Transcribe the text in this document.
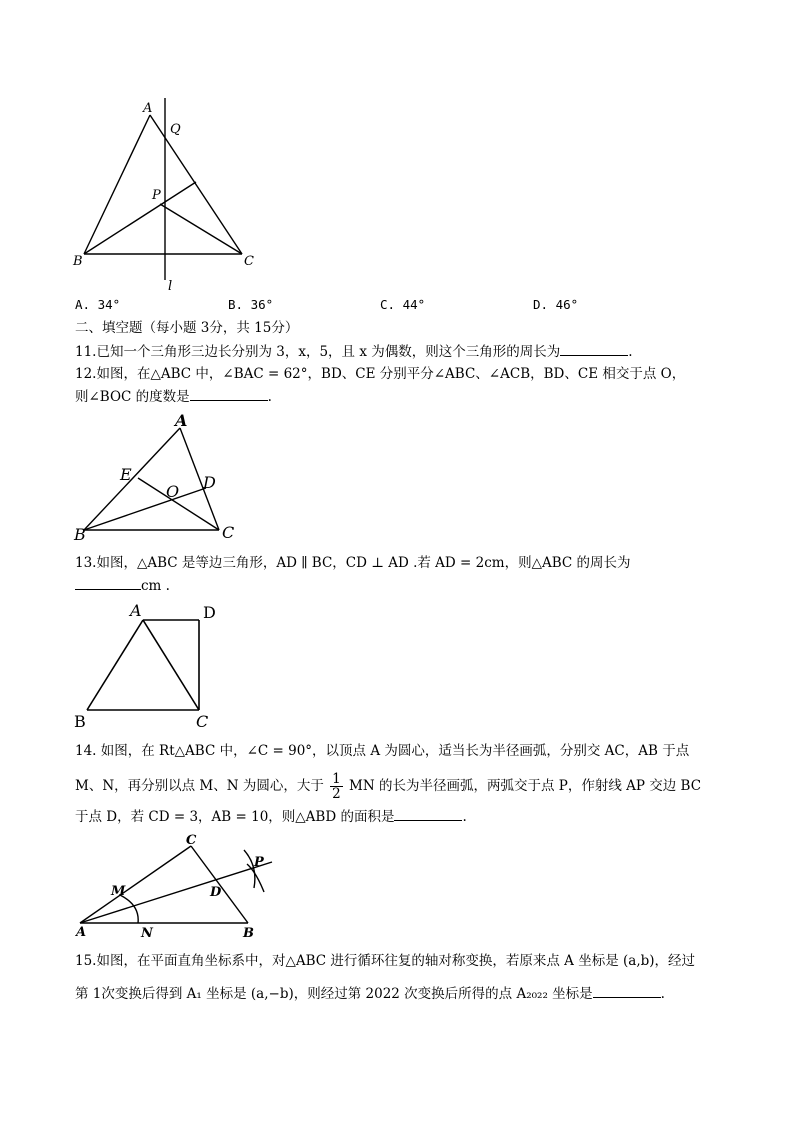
A
Q
P
B	C
l
A. 34°	B. 36°	C. 44°	D. 46°
二、填空题（每小题 3分，共 15分）
11.已知一个三角形三边长分别为 3，x，5，且 x 为偶数，则这个三角形的周长为	.
12.如图，在△ABC 中，∠BAC = 62°，BD、CE 分别平分∠ABC、∠ACB，BD、CE 相交于点 O，
则∠BOC 的度数是	.
A
E
O D
B	C
13.如图，△ABC 是等边三角形，AD ∥ BC，CD ⊥ AD .若 AD = 2cm，则△ABC 的周长为
cm .
A	D
B	C
14. 如图，在 Rt△ABC 中，∠C = 90°，以顶点 A 为圆心，适当长为半径画弧，分别交 AC，AB 于点
M、N，再分别以点 M、N 为圆心，大于 $\frac{1}{2}$ MN 的长为半径画弧，两弧交于点 P，作射线 AP 交边 BC
于点 D，若 CD = 3，AB = 10，则△ABD 的面积是	.
C
P
M	D
A	N	B
15.如图，在平面直角坐标系中，对△ABC 进行循环往复的轴对称变换，若原来点 A 坐标是 (a,b)，经过
第 1次变换后得到 A₁ 坐标是 (a,−b)，则经过第 2022 次变换后所得的点 A₂₀₂₂ 坐标是	.
